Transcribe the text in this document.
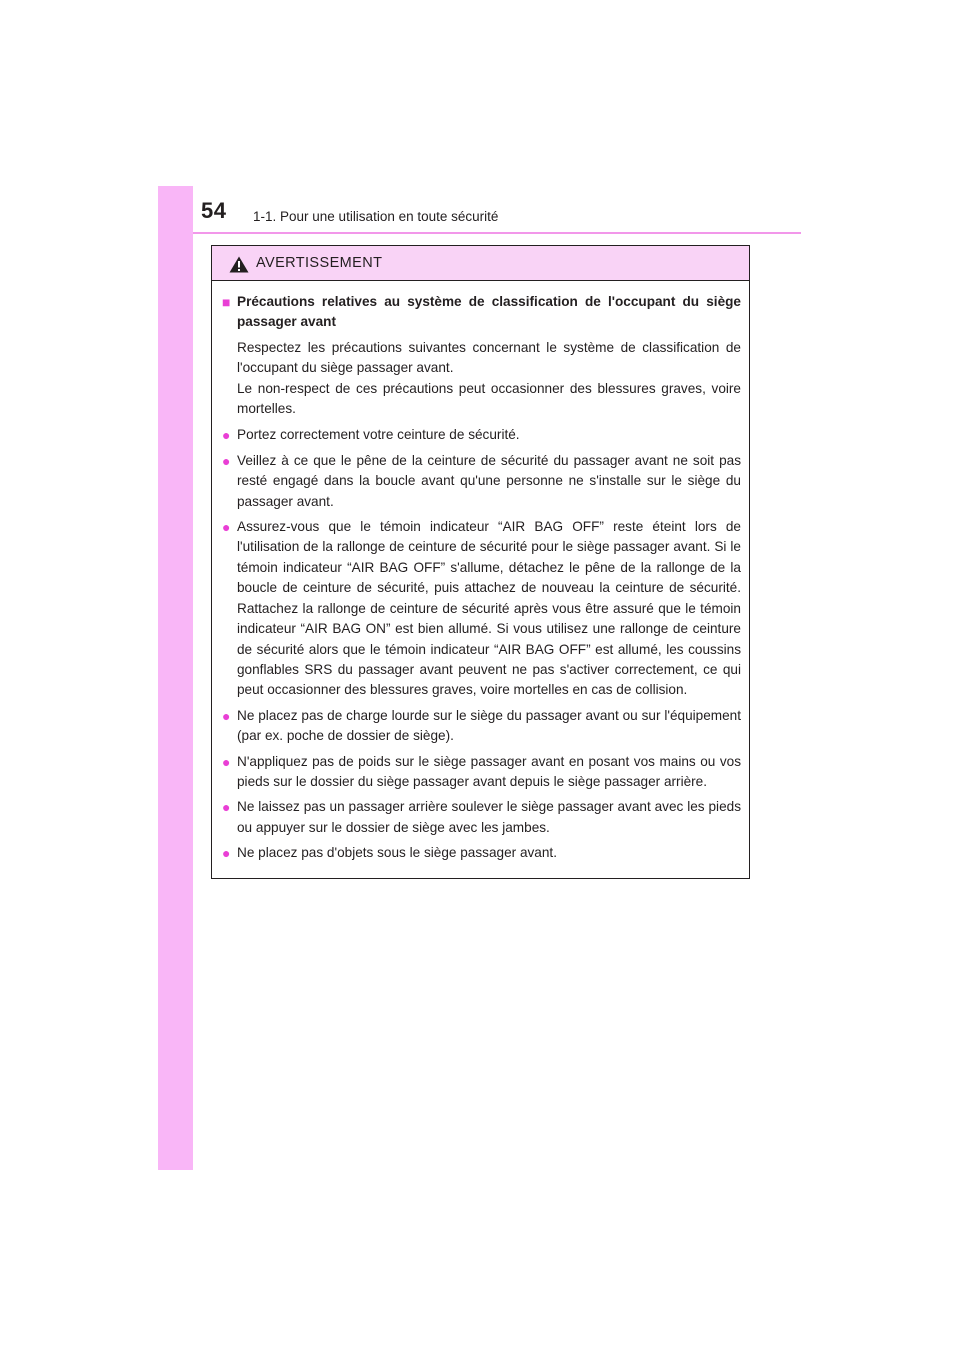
54 1-1. Pour une utilisation en toute sécurité
AVERTISSEMENT
■ Précautions relatives au système de classification de l'occupant du siège passager avant
Respectez les précautions suivantes concernant le système de classification de l'occupant du siège passager avant.
Le non-respect de ces précautions peut occasionner des blessures graves, voire mortelles.
● Portez correctement votre ceinture de sécurité.
● Veillez à ce que le pêne de la ceinture de sécurité du passager avant ne soit pas resté engagé dans la boucle avant qu'une personne ne s'installe sur le siège du passager avant.
● Assurez-vous que le témoin indicateur “AIR BAG OFF” reste éteint lors de l'utilisation de la rallonge de ceinture de sécurité pour le siège passager avant. Si le témoin indicateur “AIR BAG OFF” s'allume, détachez le pêne de la rallonge de la boucle de ceinture de sécurité, puis attachez de nouveau la ceinture de sécurité. Rattachez la rallonge de ceinture de sécurité après vous être assuré que le témoin indicateur “AIR BAG ON” est bien allumé. Si vous utilisez une rallonge de ceinture de sécurité alors que le témoin indicateur “AIR BAG OFF” est allumé, les coussins gonflables SRS du passager avant peuvent ne pas s'activer correctement, ce qui peut occasionner des blessures graves, voire mortelles en cas de collision.
● Ne placez pas de charge lourde sur le siège du passager avant ou sur l'équipement (par ex. poche de dossier de siège).
● N'appliquez pas de poids sur le siège passager avant en posant vos mains ou vos pieds sur le dossier du siège passager avant depuis le siège passager arrière.
● Ne laissez pas un passager arrière soulever le siège passager avant avec les pieds ou appuyer sur le dossier de siège avec les jambes.
● Ne placez pas d'objets sous le siège passager avant.
